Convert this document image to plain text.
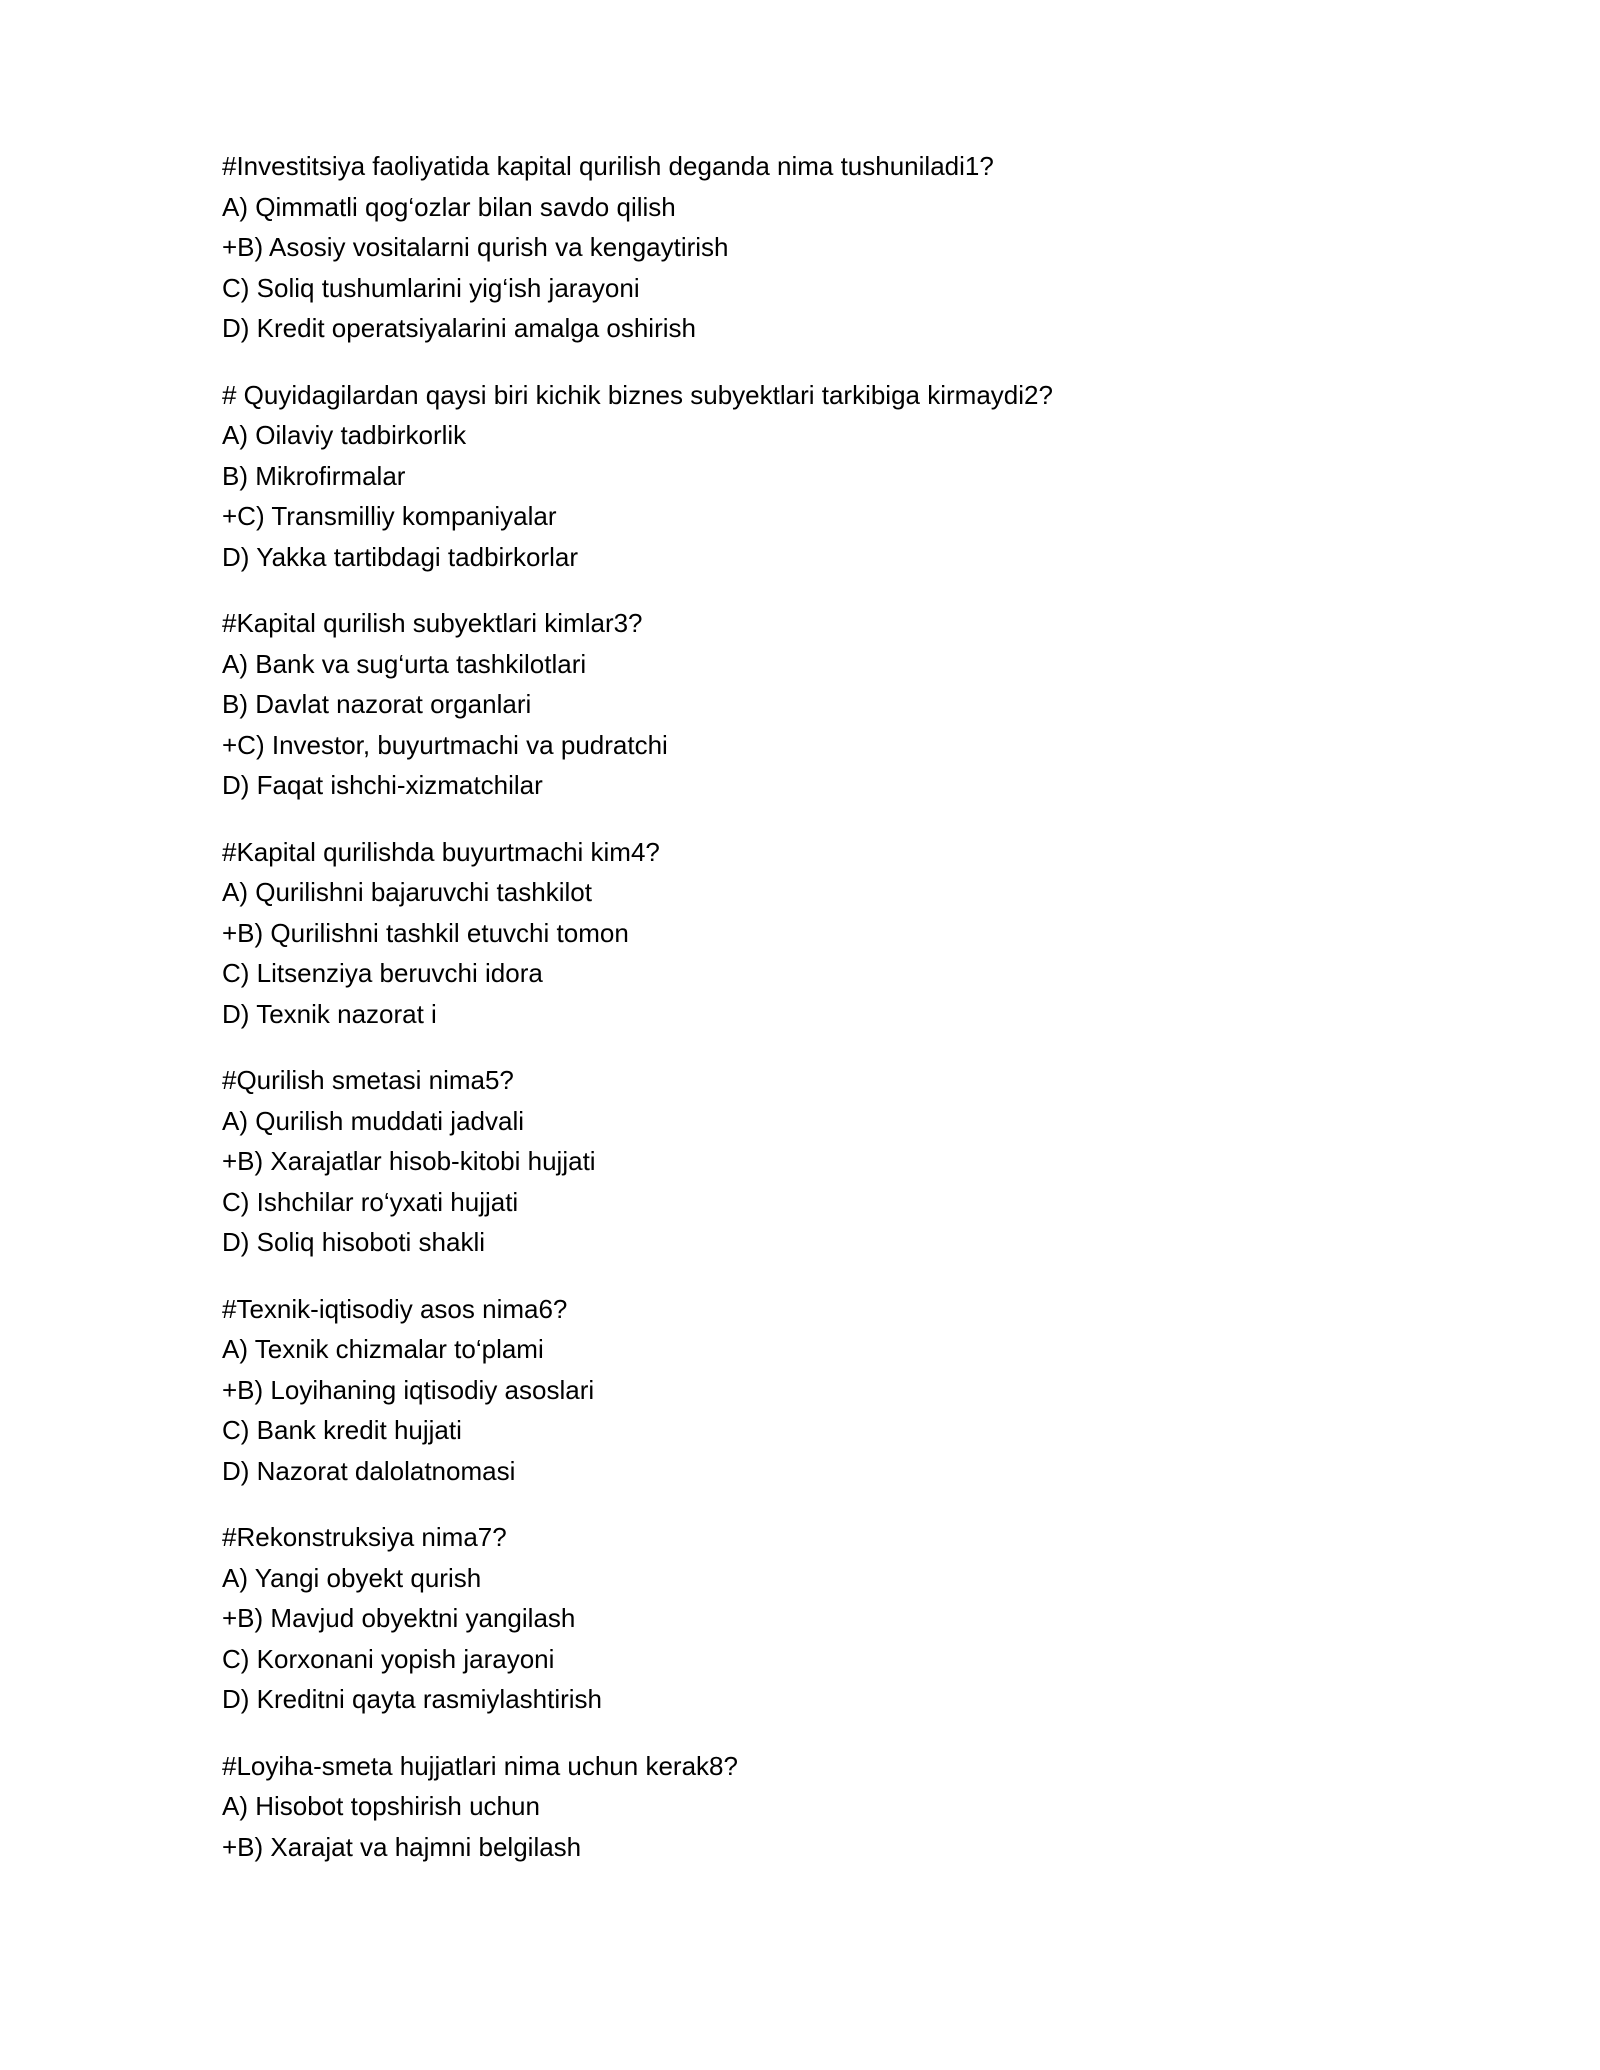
#Investitsiya faoliyatida kapital qurilish deganda nima tushuniladi1?
A) Qimmatli qog‘ozlar bilan savdo qilish
+B) Asosiy vositalarni qurish va kengaytirish
C) Soliq tushumlarini yig‘ish jarayoni
D) Kredit operatsiyalarini amalga oshirish
# Quyidagilardan qaysi biri kichik biznes subyektlari tarkibiga kirmaydi2?
A) Oilaviy tadbirkorlik
B) Mikrofirmalar
+C) Transmilliy kompaniyalar
D) Yakka tartibdagi tadbirkorlar
#Kapital qurilish subyektlari kimlar3?
A) Bank va sug‘urta tashkilotlari
B) Davlat nazorat organlari
+C) Investor, buyurtmachi va pudratchi
D) Faqat ishchi-xizmatchilar
#Kapital qurilishda buyurtmachi kim4?
A) Qurilishni bajaruvchi tashkilot
+B) Qurilishni tashkil etuvchi tomon
C) Litsenziya beruvchi idora
D) Texnik nazorat i
#Qurilish smetasi nima5?
A) Qurilish muddati jadvali
+B) Xarajatlar hisob-kitobi hujjati
C) Ishchilar ro‘yxati hujjati
D) Soliq hisoboti shakli
#Texnik-iqtisodiy asos nima6?
A) Texnik chizmalar to‘plami
+B) Loyihaning iqtisodiy asoslari
C) Bank kredit hujjati
D) Nazorat dalolatnomasi
#Rekonstruksiya nima7?
A) Yangi obyekt qurish
+B) Mavjud obyektni yangilash
C) Korxonani yopish jarayoni
D) Kreditni qayta rasmiylashtirish
#Loyiha-smeta hujjatlari nima uchun kerak8?
A) Hisobot topshirish uchun
+B) Xarajat va hajmni belgilash
